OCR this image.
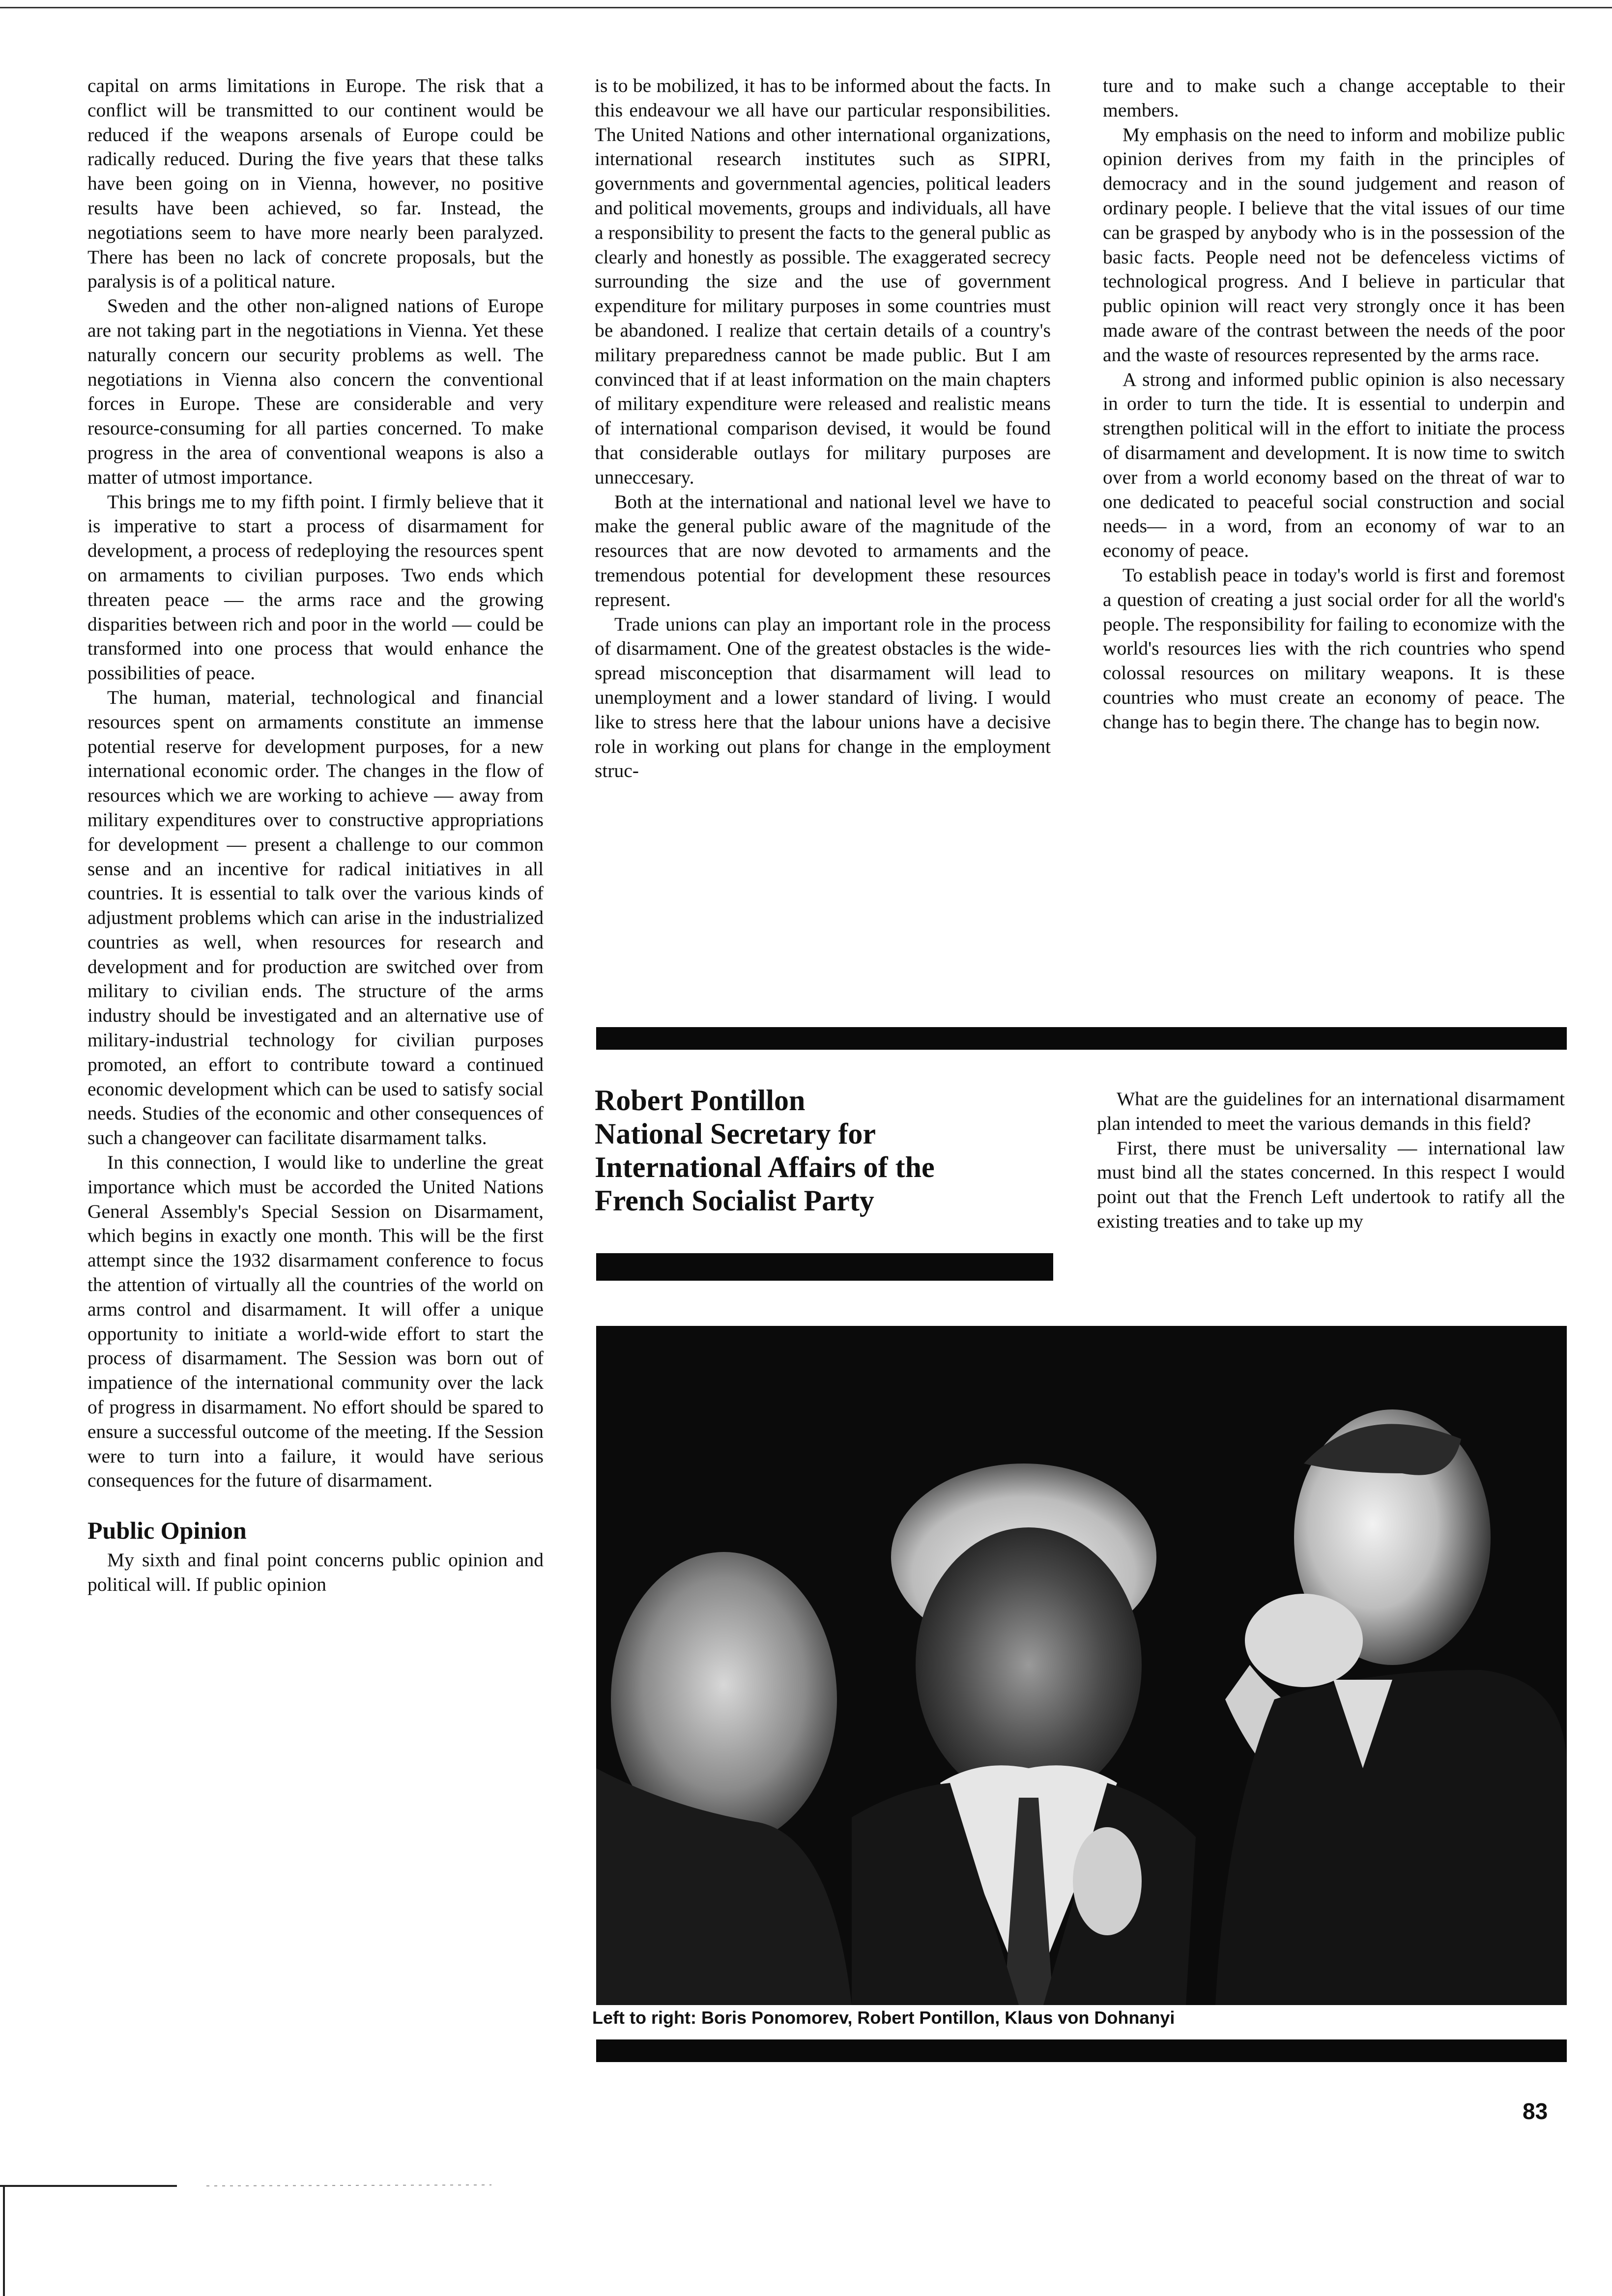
capital on arms limitations in Europe. The risk that a conflict will be transmitted to our continent would be reduced if the weapons arsenals of Europe could be radically reduced. During the five years that these talks have been going on in Vienna, however, no positive results have been achieved, so far. Instead, the negotiations seem to have more nearly been paralyzed. There has been no lack of concrete proposals, but the paralysis is of a political nature.

Sweden and the other non-aligned nations of Europe are not taking part in the negotiations in Vienna. Yet these naturally concern our security problems as well. The negotiations in Vienna also concern the conventional forces in Europe. These are considerable and very resource-consuming for all parties concerned. To make progress in the area of conventional weapons is also a matter of utmost importance.

This brings me to my fifth point. I firmly believe that it is imperative to start a process of disarmament for development, a process of redeploying the resources spent on armaments to civilian purposes. Two ends which threaten peace — the arms race and the growing disparities between rich and poor in the world — could be transformed into one process that would enhance the possibilities of peace.

The human, material, technological and financial resources spent on armaments constitute an immense potential reserve for development purposes, for a new international economic order. The changes in the flow of resources which we are working to achieve — away from military expenditures over to constructive appropriations for development — present a challenge to our common sense and an incentive for radical initiatives in all countries. It is essential to talk over the various kinds of adjustment problems which can arise in the industrialized countries as well, when resources for research and development and for production are switched over from military to civilian ends. The structure of the arms industry should be investigated and an alternative use of military-industrial technology for civilian purposes promoted, an effort to contribute toward a continued economic development which can be used to satisfy social needs. Studies of the economic and other consequences of such a changeover can facilitate disarmament talks.

In this connection, I would like to underline the great importance which must be accorded the United Nations General Assembly's Special Session on Disarmament, which begins in exactly one month. This will be the first attempt since the 1932 disarmament conference to focus the attention of virtually all the countries of the world on arms control and disarmament. It will offer a unique opportunity to initiate a world-wide effort to start the process of disarmament. The Session was born out of impatience of the international community over the lack of progress in disarmament. No effort should be spared to ensure a successful outcome of the meeting. If the Session were to turn into a failure, it would have serious consequences for the future of disarmament.

Public Opinion

My sixth and final point concerns public opinion and political will. If public opinion

is to be mobilized, it has to be informed about the facts. In this endeavour we all have our particular responsibilities. The United Nations and other international organizations, international research institutes such as SIPRI, governments and governmental agencies, political leaders and political movements, groups and individuals, all have a responsibility to present the facts to the general public as clearly and honestly as possible. The exaggerated secrecy surrounding the size and the use of government expenditure for military purposes in some countries must be abandoned. I realize that certain details of a country's military preparedness cannot be made public. But I am convinced that if at least information on the main chapters of military expenditure were released and realistic means of international comparison devised, it would be found that considerable outlays for military purposes are unneccesary.

Both at the international and national level we have to make the general public aware of the magnitude of the resources that are now devoted to armaments and the tremendous potential for development these resources represent.

Trade unions can play an important role in the process of disarmament. One of the greatest obstacles is the wide-spread misconception that disarmament will lead to unemployment and a lower standard of living. I would like to stress here that the labour unions have a decisive role in working out plans for change in the employment struc-

ture and to make such a change acceptable to their members.

My emphasis on the need to inform and mobilize public opinion derives from my faith in the principles of democracy and in the sound judgement and reason of ordinary people. I believe that the vital issues of our time can be grasped by anybody who is in the possession of the basic facts. People need not be defenceless victims of technological progress. And I believe in particular that public opinion will react very strongly once it has been made aware of the contrast between the needs of the poor and the waste of resources represented by the arms race.

A strong and informed public opinion is also necessary in order to turn the tide. It is essential to underpin and strengthen political will in the effort to initiate the process of disarmament and development. It is now time to switch over from a world economy based on the threat of war to one dedicated to peaceful social construction and social needs— in a word, from an economy of war to an economy of peace.

To establish peace in today's world is first and foremost a question of creating a just social order for all the world's people. The responsibility for failing to economize with the world's resources lies with the rich countries who spend colossal resources on military weapons. It is these countries who must create an economy of peace. The change has to begin there. The change has to begin now.

Robert Pontillon
National Secretary for
International Affairs of the
French Socialist Party

What are the guidelines for an international disarmament plan intended to meet the various demands in this field?

First, there must be universality — international law must bind all the states concerned. In this respect I would point out that the French Left undertook to ratify all the existing treaties and to take up my

Left to right: Boris Ponomorev, Robert Pontillon, Klaus von Dohnanyi
83
